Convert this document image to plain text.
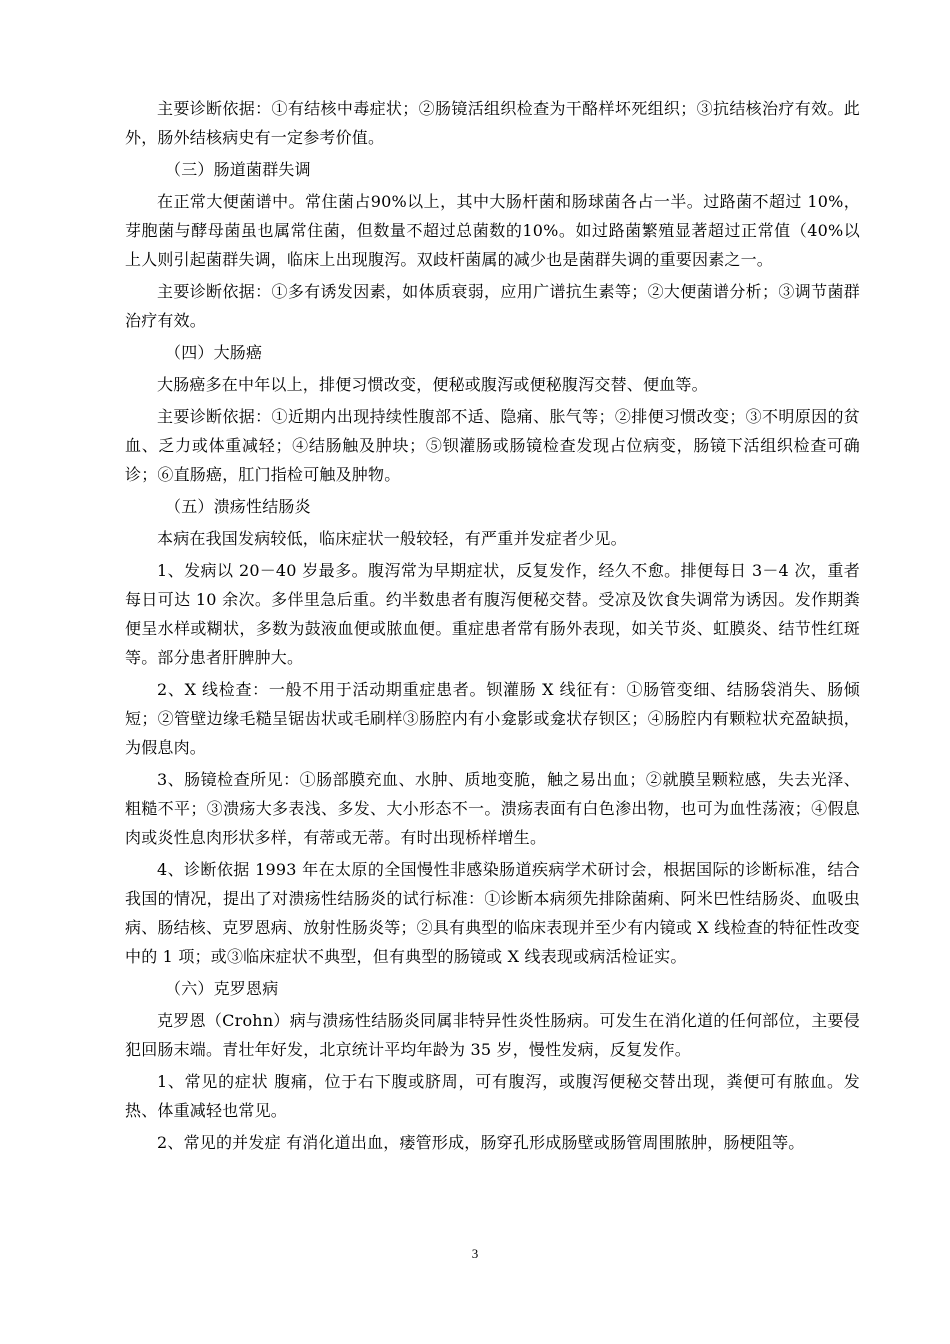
主要诊断依据：①有结核中毒症状；②肠镜活组织检查为干酪样坏死组织；③抗结核治疗有效。此外，肠外结核病史有一定参考价值。

（三）肠道菌群失调

在正常大便菌谱中。常住菌占90%以上，其中大肠杆菌和肠球菌各占一半。过路菌不超过 10%，芽胞菌与酵母菌虽也属常住菌，但数量不超过总菌数的10%。如过路菌繁殖显著超过正常值（40%以上人则引起菌群失调，临床上出现腹泻。双歧杆菌属的减少也是菌群失调的重要因素之一。

主要诊断依据：①多有诱发因素，如体质衰弱，应用广谱抗生素等；②大便菌谱分析；③调节菌群治疗有效。

（四）大肠癌

大肠癌多在中年以上，排便习惯改变，便秘或腹泻或便秘腹泻交替、便血等。

主要诊断依据：①近期内出现持续性腹部不适、隐痛、胀气等；②排便习惯改变；③不明原因的贫血、乏力或体重减轻；④结肠触及肿块；⑤钡灌肠或肠镜检查发现占位病变，肠镜下活组织检查可确诊；⑥直肠癌，肛门指检可触及肿物。

（五）溃疡性结肠炎

本病在我国发病较低，临床症状一般较轻，有严重并发症者少见。

1、发病以 20－40 岁最多。腹泻常为早期症状，反复发作，经久不愈。排便每日 3－4 次，重者每日可达 10 余次。多伴里急后重。约半数患者有腹泻便秘交替。受凉及饮食失调常为诱因。发作期粪便呈水样或糊状，多数为鼓液血便或脓血便。重症患者常有肠外表现，如关节炎、虹膜炎、结节性红斑等。部分患者肝脾肿大。

2、X 线检查：一般不用于活动期重症患者。钡灌肠 X 线征有：①肠管变细、结肠袋消失、肠倾短；②管壁边缘毛糙呈锯齿状或毛刷样③肠腔内有小龛影或龛状存钡区；④肠腔内有颗粒状充盈缺损，为假息肉。

3、肠镜检查所见：①肠部膜充血、水肿、质地变脆，触之易出血；②就膜呈颗粒感，失去光泽、粗糙不平；③溃疡大多表浅、多发、大小形态不一。溃疡表面有白色渗出物，也可为血性荡液；④假息肉或炎性息肉形状多样，有蒂或无蒂。有时出现桥样增生。

4、诊断依据 1993 年在太原的全国慢性非感染肠道疾病学术研讨会，根据国际的诊断标准，结合我国的情况，提出了对溃疡性结肠炎的试行标准：①诊断本病须先排除菌痢、阿米巴性结肠炎、血吸虫病、肠结核、克罗恩病、放射性肠炎等；②具有典型的临床表现并至少有内镜或 X 线检查的特征性改变中的 1 项；或③临床症状不典型，但有典型的肠镜或 X 线表现或病活检证实。

（六）克罗恩病

克罗恩（Crohn）病与溃疡性结肠炎同属非特异性炎性肠病。可发生在消化道的任何部位，主要侵犯回肠末端。青壮年好发，北京统计平均年龄为 35 岁，慢性发病，反复发作。

1、常见的症状 腹痛，位于右下腹或脐周，可有腹泻，或腹泻便秘交替出现，粪便可有脓血。发热、体重减轻也常见。

2、常见的并发症 有消化道出血，瘘管形成，肠穿孔形成肠壁或肠管周围脓肿，肠梗阻等。

3
